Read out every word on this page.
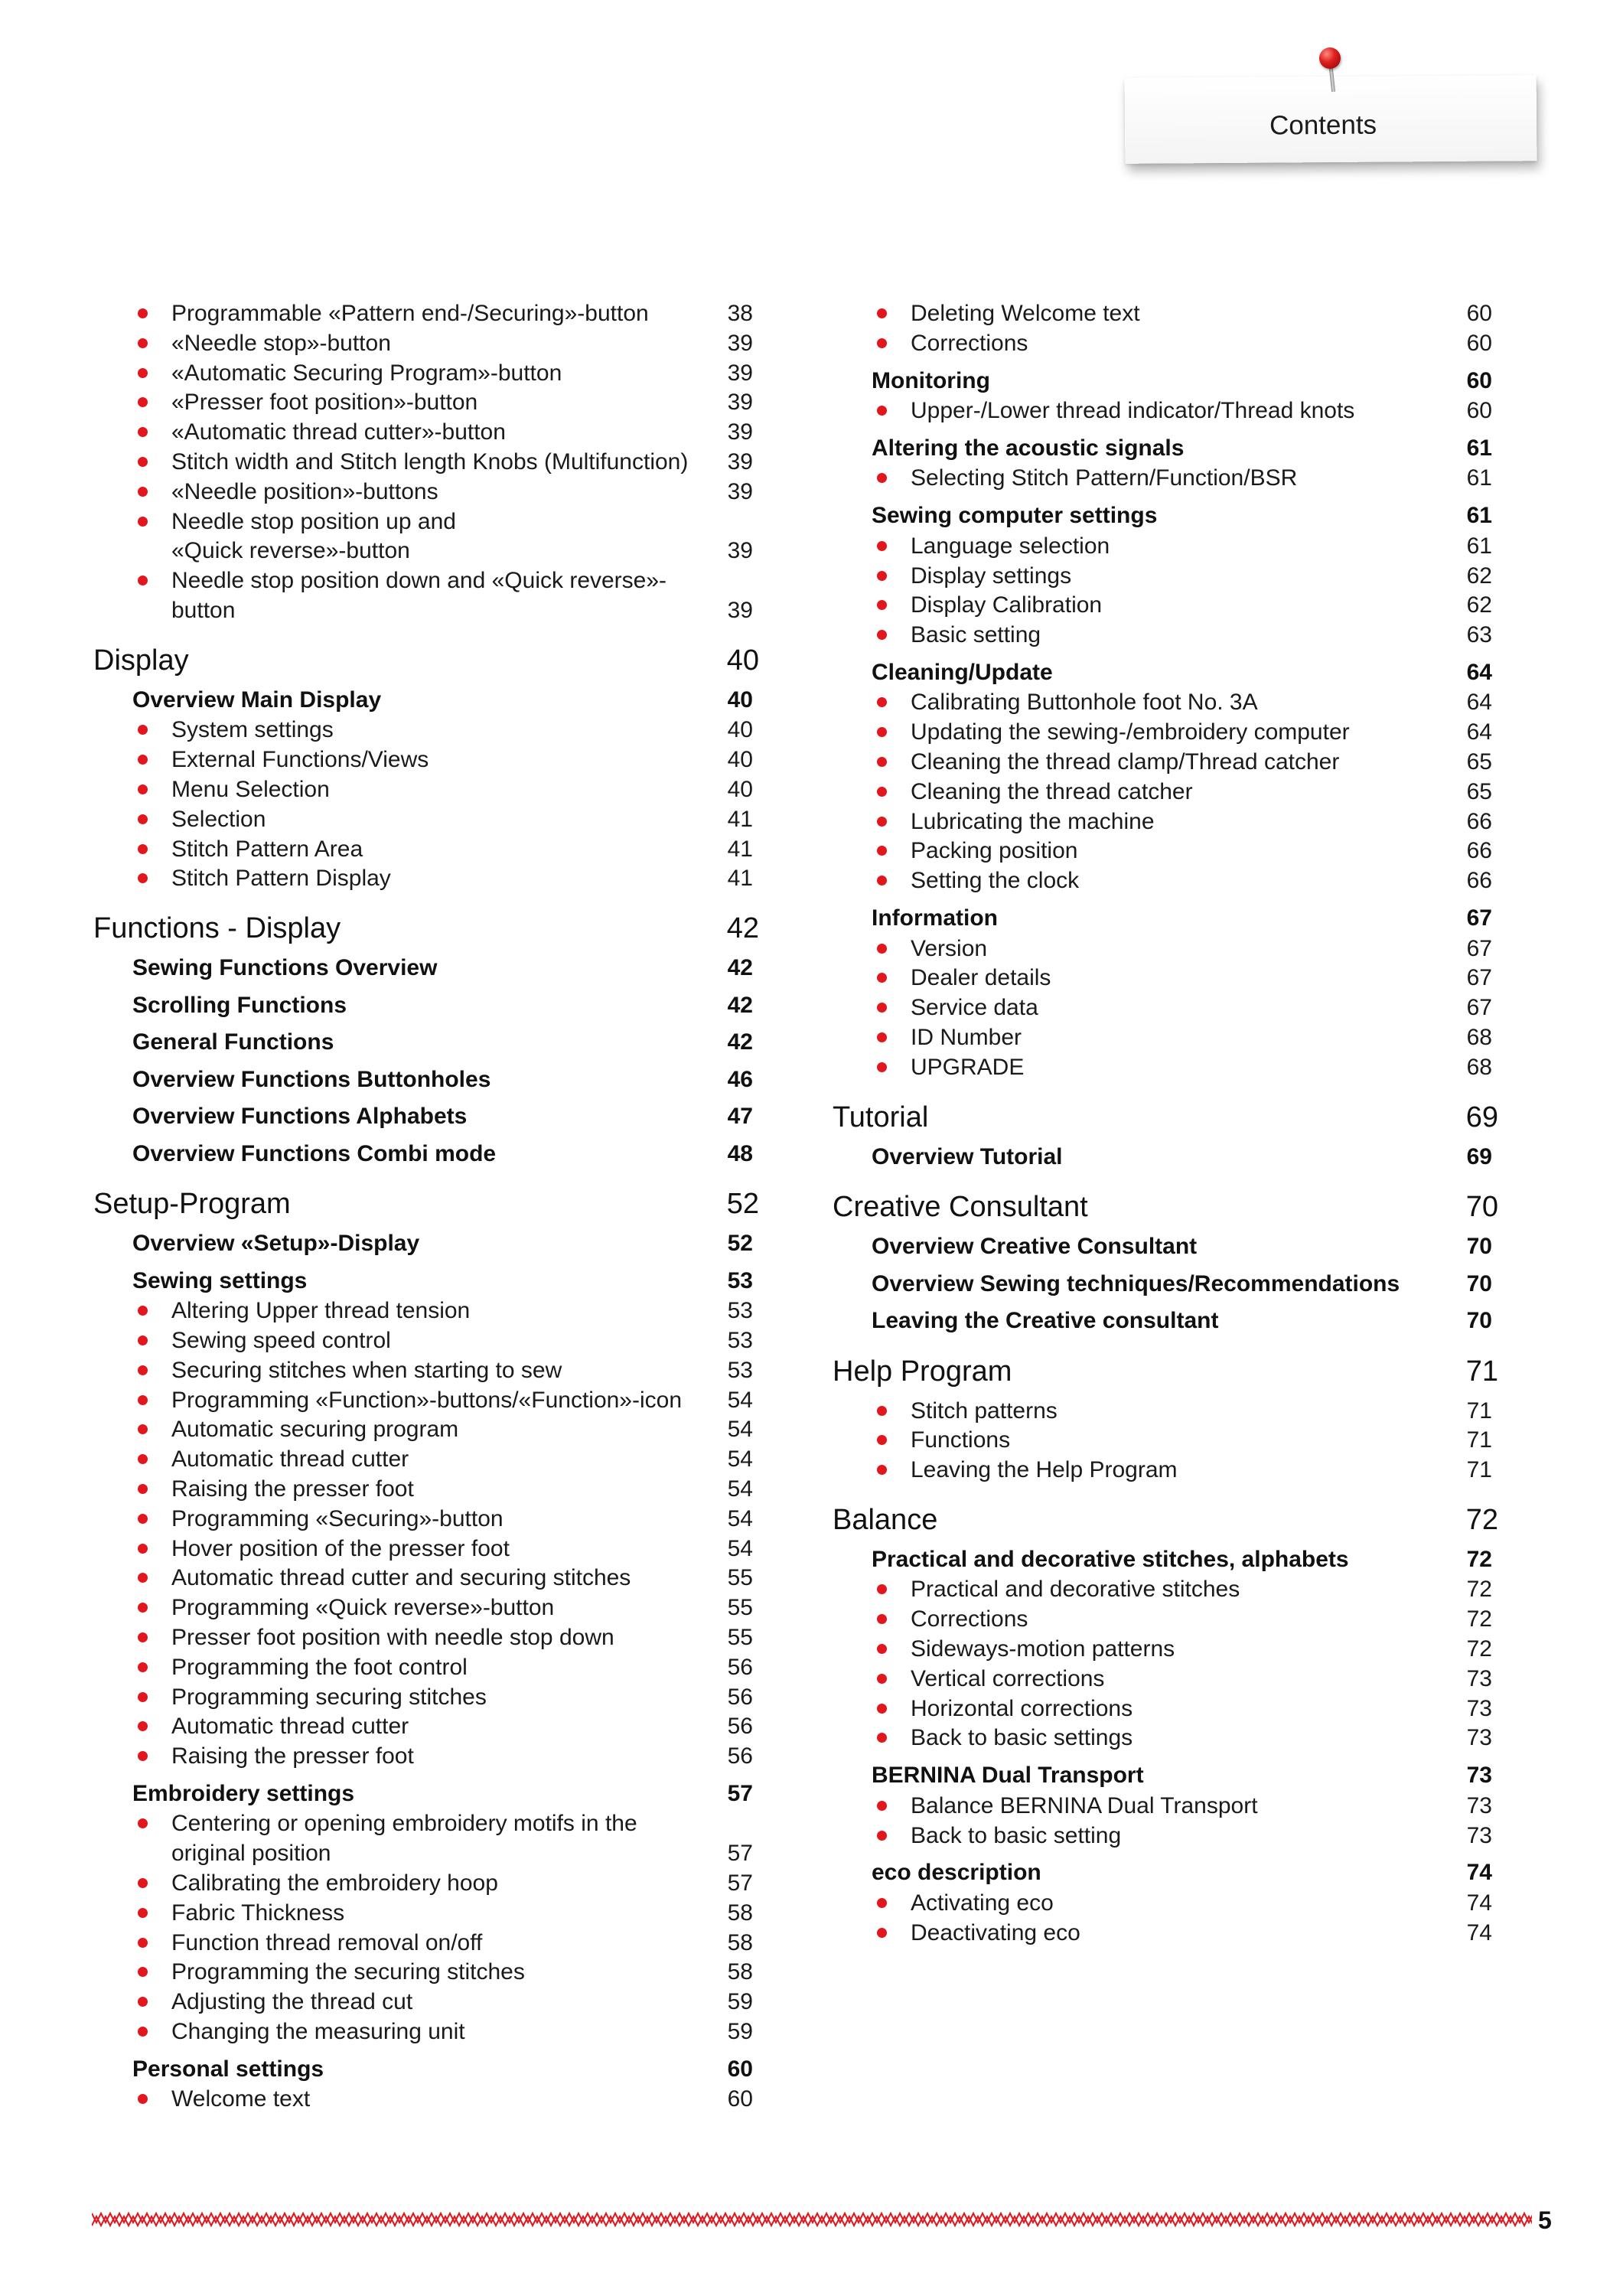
Contents
Programmable «Pattern end-/Securing»-button	38
«Needle stop»-button	39
«Automatic Securing Program»-button	39
«Presser foot position»-button	39
«Automatic thread cutter»-button	39
Stitch width and Stitch length Knobs (Multifunction) 39
«Needle position»-buttons	39
Needle stop position up and
«Quick reverse»-button	39
Needle stop position down and «Quick reverse»-
button	39
Display	40
Overview Main Display	40
System settings	40
External Functions/Views	40
Menu Selection	40
Selection	41
Stitch Pattern Area	41
Stitch Pattern Display	41
Functions - Display	42
Sewing Functions Overview	42
Scrolling Functions	42
General Functions	42
Overview Functions Buttonholes	46
Overview Functions Alphabets	47
Overview Functions Combi mode	48
Setup-Program	52
Overview «Setup»-Display	52
Sewing settings	53
Altering Upper thread tension	53
Sewing speed control	53
Securing stitches when starting to sew	53
Programming «Function»-buttons/«Function»-icon 54
Automatic securing program	54
Automatic thread cutter	54
Raising the presser foot	54
Programming «Securing»-button	54
Hover position of the presser foot	54
Automatic thread cutter and securing stitches	55
Programming «Quick reverse»-button	55
Presser foot position with needle stop down	55
Programming the foot control	56
Programming securing stitches	56
Automatic thread cutter	56
Raising the presser foot	56
Embroidery settings	57
Centering or opening embroidery motifs in the
original position	57
Calibrating the embroidery hoop	57
Fabric Thickness	58
Function thread removal on/off	58
Programming the securing stitches	58
Adjusting the thread cut	59
Changing the measuring unit	59
Personal settings	60
Welcome text	60
Deleting Welcome text	60
Corrections	60
Monitoring	60
Upper-/Lower thread indicator/Thread knots	60
Altering the acoustic signals	61
Selecting Stitch Pattern/Function/BSR	61
Sewing computer settings	61
Language selection	61
Display settings	62
Display Calibration	62
Basic setting	63
Cleaning/Update	64
Calibrating Buttonhole foot No. 3A	64
Updating the sewing-/embroidery computer	64
Cleaning the thread clamp/Thread catcher	65
Cleaning the thread catcher	65
Lubricating the machine	66
Packing position	66
Setting the clock	66
Information	67
Version	67
Dealer details	67
Service data	67
ID Number	68
UPGRADE	68
Tutorial	69
Overview Tutorial	69
Creative Consultant	70
Overview Creative Consultant	70
Overview Sewing techniques/Recommendations	70
Leaving the Creative consultant	70
Help Program	71
Stitch patterns	71
Functions	71
Leaving the Help Program	71
Balance	72
Practical and decorative stitches, alphabets	72
Practical and decorative stitches	72
Corrections	72
Sideways-motion patterns	72
Vertical corrections	73
Horizontal corrections	73
Back to basic settings	73
BERNINA Dual Transport	73
Balance BERNINA Dual Transport	73
Back to basic setting	73
eco description	74
Activating eco	74
Deactivating eco	74
5
